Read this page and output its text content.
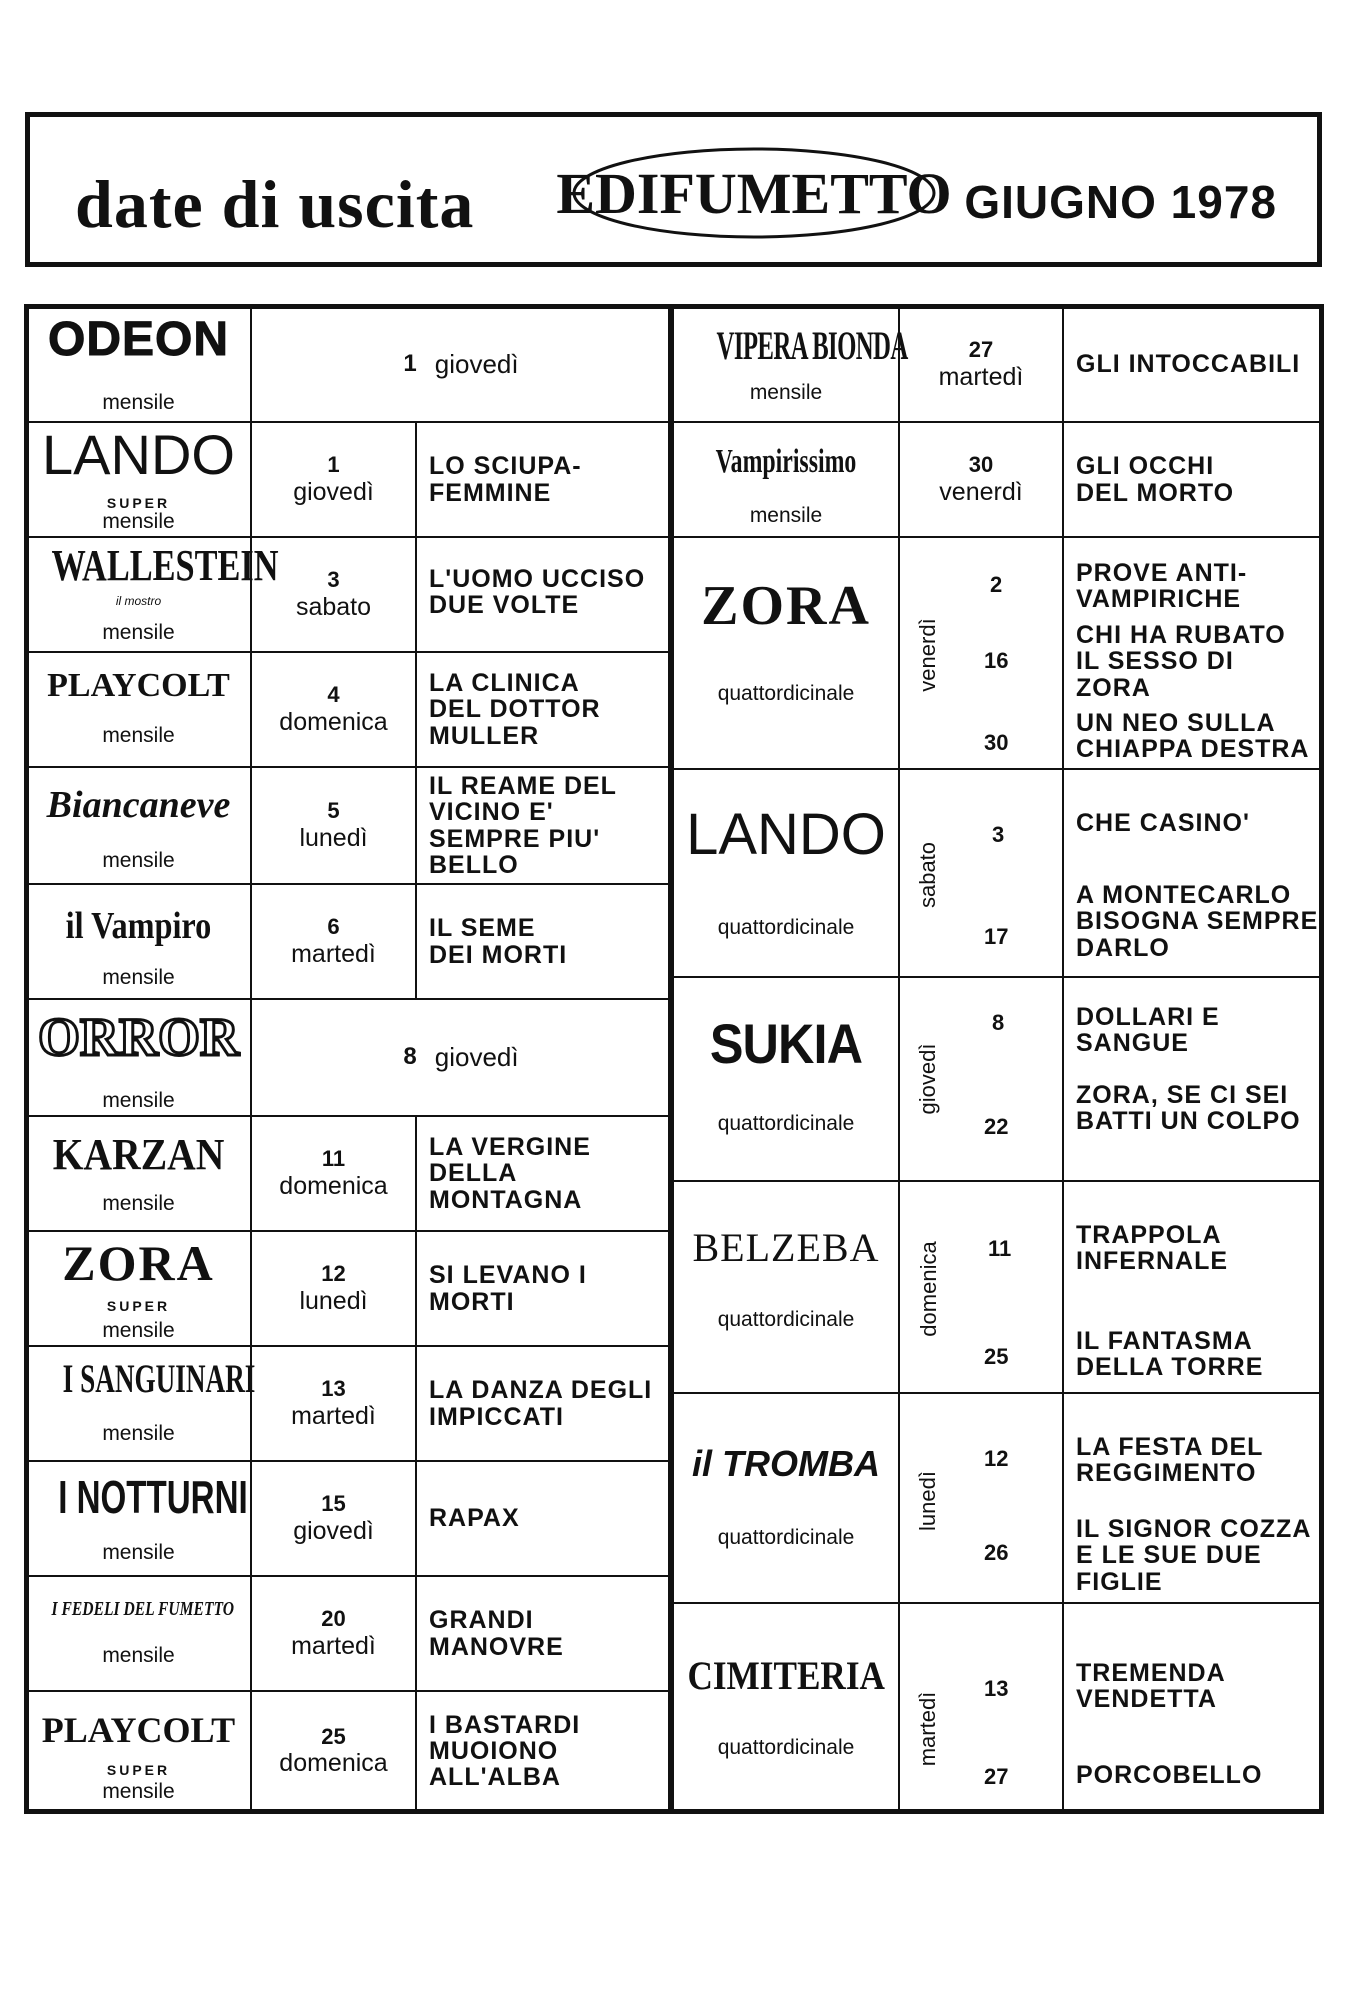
date di uscita EDIFUMETTO GIUGNO 1978
ODEON
mensile
1 giovedì
LANDO
SUPER
mensile
1
giovedì
LO SCIUPA- FEMMINE
WALLESTEIN
il mostro
mensile
3
sabato
L'UOMO UCCISO DUE VOLTE
PLAYCOLT
mensile
4
domenica
LA CLINICA DEL DOTTOR MULLER
Biancaneve
mensile
5
lunedì
IL REAME DEL VICINO E' SEMPRE PIU' BELLO
il Vampiro
mensile
6
martedì
IL SEME DEI MORTI
ORROR
mensile
8 giovedì
KARZAN
mensile
11
domenica
LA VERGINE DELLA MONTAGNA
ZORA
SUPER
mensile
12
lunedì
SI LEVANO I MORTI
I SANGUINARI
mensile
13
martedì
LA DANZA DEGLI IMPICCATI
I NOTTURNI
mensile
15
giovedì RAPAX
I FEDELI DEL FUMETTO
mensile
20
martedì
GRANDI MANOVRE
PLAYCOLT
SUPER
mensile
25
domenica
I BASTARDI MUOIONO ALL'ALBA
VIPERA BIONDA
mensile
27
martedì GLI INTOCCABILI
Vampirissimo
mensile
30
venerdì
GLI OCCHI DEL MORTO
ZORA
quattordicinale
venerdì
2
16
30
PROVE ANTI- VAMPIRICHE
CHI HA RUBATO IL SESSO DI ZORA
UN NEO SULLA CHIAPPA DESTRA
LANDO
quattordicinale
sabato
3
17
CHE CASINO'
A MONTECARLO BISOGNA SEMPRE DARLO
SUKIA
quattordicinale
giovedì
8
22
DOLLARI E SANGUE
ZORA, SE CI SEI BATTI UN COLPO
BELZEBA
quattordicinale	domenica 11
25
TRAPPOLA INFERNALE
IL FANTASMA DELLA TORRE
il TROMBA
quattordicinale
lunedì
12
26
LA FESTA DEL REGGIMENTO
IL SIGNOR COZZA E LE SUE DUE FIGLIE
CIMITERIA
quattordicinale	martedì
13
27
TREMENDA VENDETTA
PORCOBELLO
